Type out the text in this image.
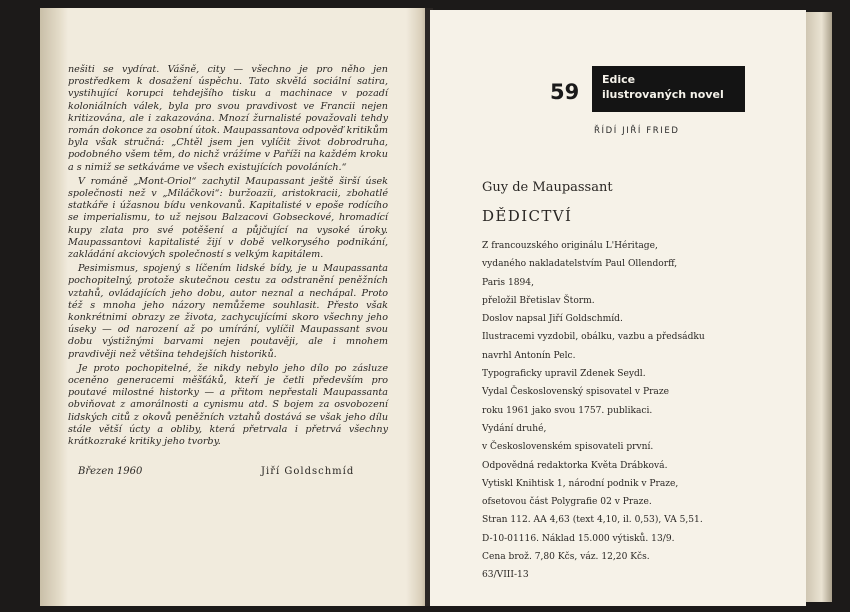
nešiti se vydírat. Vášně, city — všechno je pro něho jen prostředkem k dosažení úspěchu. Tato skvělá sociální satira, vystihující korupci tehdejšího tisku a machinace v pozadí koloniálních válek, byla pro svou pravdivost ve Francii nejen kritizována, ale i zakazována. Mnozí žurnalisté považovali tehdy román dokonce za osobní útok. Maupassantova odpověď kritikům byla však stručná: „Chtěl jsem jen vylíčit život dobrodruha, podobného všem těm, do nichž vrážíme v Paříži na každém kroku a s nimiž se setkáváme ve všech existujících povoláních.“

V románě „Mont-Oriol“ zachytil Maupassant ještě širší úsek společnosti než v „Miláčkovi“: buržoazii, aristokracii, zbohatlé statkáře i úžasnou bídu venkovanů. Kapitalisté v epoše rodícího se imperialismu, to už nejsou Balzacovi Gobseckové, hromadící kupy zlata pro své potěšení a půjčující na vysoké úroky. Maupassantovi kapitalisté žijí v době velkorysého podnikání, zakládání akciových společností s velkým kapitálem.

Pesimismus, spojený s líčením lidské bídy, je u Maupassanta pochopitelný, protože skutečnou cestu za odstranění peněžních vztahů, ovládajících jeho dobu, autor neznal a nechápal. Proto též s mnoha jeho názory nemůžeme souhlasit. Přesto však konkrétnimi obrazy ze života, zachycujícími skoro všechny jeho úseky — od narození až po umírání, vylíčil Maupassant svou dobu výstižnými barvami nejen poutavěji, ale i mnohem pravdivěji než většina tehdejších historiků.

Je proto pochopitelné, že nikdy nebylo jeho dílo po zásluze oceněno generacemi měšťáků, kteří je četli především pro poutavé milostné historky — a přitom nepřestali Maupassanta obviňovat z amorálnosti a cynismu atd. S bojem za osvobození lidských citů z okovů peněžních vztahů dostává se však jeho dílu stále větší úcty a obliby, která přetrvala i přetrvá všechny krátkozraké kritiky jeho tvorby.

Březen 1960	Jiří Goldschmíd
59
Edice
ilustrovaných novel
ŘÍDÍ JIŘÍ FRIED
Guy de Maupassant
DĚDICTVÍ
Z francouzského originálu L'Héritage,
vydaného nakladatelstvím Paul Ollendorff,
Paris 1894,
přeložil Břetislav Štorm.
Doslov napsal Jiří Goldschmíd.
Ilustracemi vyzdobil, obálku, vazbu a předsádku
navrhl Antonín Pelc.
Typograficky upravil Zdenek Seydl.
Vydal Československý spisovatel v Praze
roku 1961 jako svou 1757. publikaci.
Vydání druhé,
v Československém spisovateli první.
Odpovědná redaktorka Květa Drábková.
Vytiskl Knihtisk 1, národní podnik v Praze,
ofsetovou část Polygrafie 02 v Praze.
Stran 112. AA 4,63 (text 4,10, il. 0,53), VA 5,51.
D-10-01116. Náklad 15.000 výtisků. 13/9.
Cena brož. 7,80 Kčs, váz. 12,20 Kčs.
63/VIII-13
